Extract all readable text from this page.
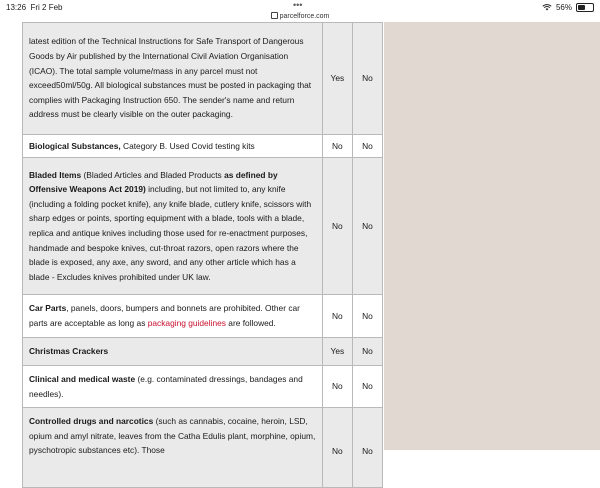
13:26 Fri 2 Feb	•••
parcelforce.com
56%
latest edition of the Technical Instructions for Safe Transport of Dangerous Goods by Air published by the International Civil Aviation Organisation (ICAO). The total sample volume/mass in any parcel must not exceed50ml/50g. All biological substances must be posted in packaging that complies with Packaging Instruction 650. The sender's name and return address must be clearly visible on the outer packaging.	Yes	No
Biological Substances, Category B. Used Covid testing kits	No	No
Bladed Items (Bladed Articles and Bladed Products as defined by Offensive Weapons Act 2019) including, but not limited to, any knife (including a folding pocket knife), any knife blade, cutlery knife, scissors with sharp edges or points, sporting equipment with a blade, tools with a blade, replica and antique knives including those used for re-enactment purposes, handmade and bespoke knives, cut-throat razors, open razors where the blade is exposed, any axe, any sword, and any other article which has a blade - Excludes knives prohibited under UK law.	No	No
Car Parts, panels, doors, bumpers and bonnets are prohibited. Other car parts are acceptable as long as packaging guidelines are followed.	No	No
Christmas Crackers	Yes	No
Clinical and medical waste (e.g. contaminated dressings, bandages and needles).	No	No
Controlled drugs and narcotics (such as cannabis, cocaine, heroin, LSD, opium and amyl nitrate, leaves from the Catha Edulis plant, morphine, opium, pyschotropic substances etc). Those	No	No
